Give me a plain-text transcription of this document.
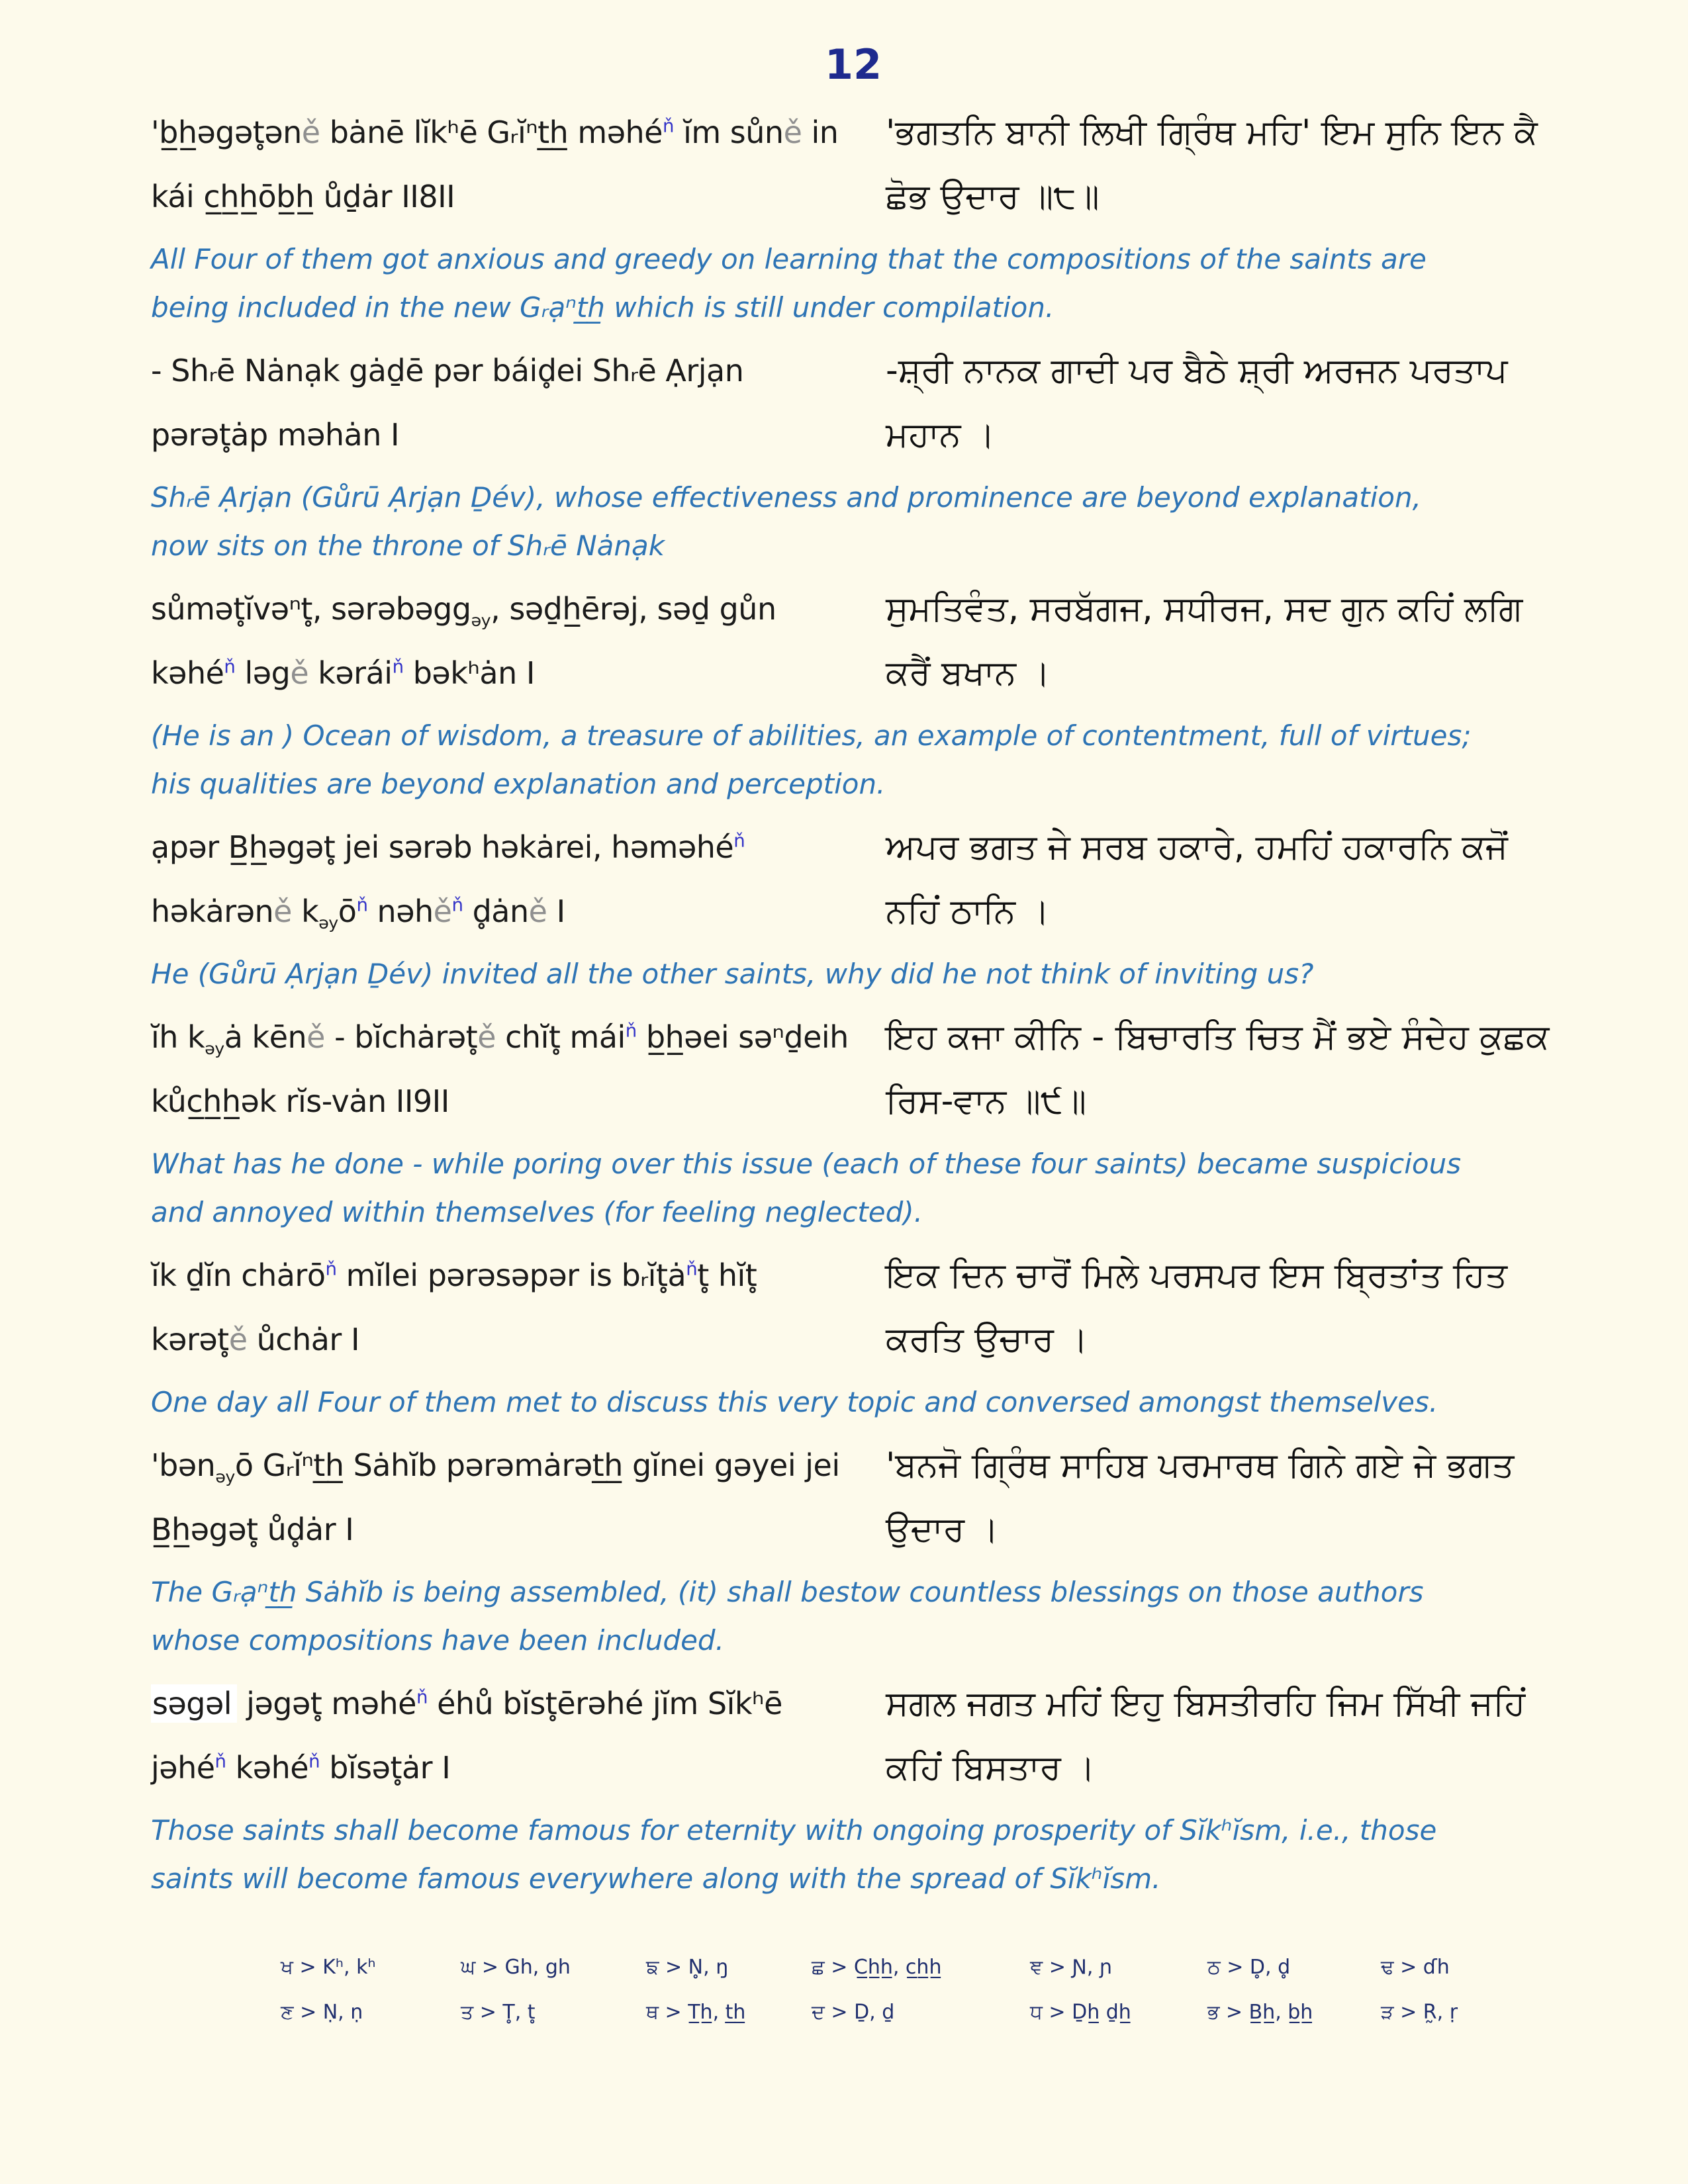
12

'b̲h̲əgət̥əně bȧnē lĭkʰē Gᵣĭⁿt̲h̲ məhé$^ň$ ĭm sůně in kái c̲h̲h̲ōb̲h̲ ůḏȧr II8II

'ਭਗਤਨਿ ਬਾਨੀ ਲਿਖੀ ਗ੍ਰਿੰਥ ਮਹਿ' ਇਮ ਸੁਨਿ ਇਨ ਕੈ ਛੋਭ ਉਦਾਰ ॥੮॥

All Four of them got anxious and greedy on learning that the compositions of the saints are being included in the new Gᵣạⁿt̲h̲ which is still under compilation.

- Shᵣē Nȧnạk gȧḏē pər báid̥ei Shᵣē Ạrjạn pərət̥ȧp məhȧn I

-ਸ਼੍ਰੀ ਨਾਨਕ ਗਾਦੀ ਪਰ ਬੈਠੇ ਸ਼੍ਰੀ ਅਰਜਨ ਪਰਤਾਪ ਮਹਾਨ ।

Shᵣē Ạrjạn (Gůrū Ạrjạn Ḏév), whose effectiveness and prominence are beyond explanation, now sits on the throne of Shᵣē Nȧnạk

sůmət̥ĭvəⁿt̥, sərəbəgg$_{əy}$, səḏh̲ērəj, səḏ gůn kəhé$^ň$ ləgě kərái$^ň$ bəkʰȧn I

ਸੁਮਤਿਵੰਤ, ਸਰਬੱਗਜ, ਸਧੀਰਜ, ਸਦ ਗੁਨ ਕਹਿਂ ਲਗਿ ਕਰੈਂ ਬਖਾਨ ।

(He is an ) Ocean of wisdom, a treasure of abilities, an example of contentment, full of virtues; his qualities are beyond explanation and perception.

ạpər B̲h̲əgət̥ jei sərəb həkȧrei, həməhé$^ň$ həkȧrəně $k_{əy}ō^ň$ nəhě$^ň$ d̥ȧně I

ਅਪਰ ਭਗਤ ਜੇ ਸਰਬ ਹਕਾਰੇ, ਹਮਹਿਂ ਹਕਾਰਨਿ ਕਜੋਂ ਨਹਿਂ ਠਾਨਿ ।

He (Gůrū Ạrjạn Ḏév) invited all the other saints, why did he not think of inviting us?

ĭh $k_{əy}ȧ$ kēně - bĭchȧrət̥ě chĭt̥ mái$^ň$ b̲h̲əei səⁿḏeih kůc̲h̲h̲ək rĭs-vȧn II9II

ਇਹ ਕਜਾ ਕੀਨਿ - ਬਿਚਾਰਤਿ ਚਿਤ ਮੈਂ ਭਏ ਸੰਦੇਹ ਕੁਛਕ ਰਿਸ-ਵਾਨ ॥੯॥

What has he done - while poring over this issue (each of these four saints) became suspicious and annoyed within themselves (for feeling neglected).

ĭk ḏĭn chȧrō$^ň$ mĭlei pərəsəpər is $bᵣĭt̥ȧ^ňt̥$ hĭt̥ kərət̥ě ůchȧr I

ਇਕ ਦਿਨ ਚਾਰੋਂ ਮਿਲੇ ਪਰਸਪਰ ਇਸ ਬ੍ਰਿਤਾਂਤ ਹਿਤ ਕਰਤਿ ਉਚਾਰ ।

One day all Four of them met to discuss this very topic and conversed amongst themselves.

'bən$_{əy}$ō Gᵣĭⁿt̲h̲ Sȧhĭb pərəmȧrət̲h̲ gĭnei gəyei jei B̲h̲əgət̥ ůd̥ȧr I

'ਬਨਜੋ ਗ੍ਰਿੰਥ ਸਾਹਿਬ ਪਰਮਾਰਥ ਗਿਨੇ ਗਏ ਜੇ ਭਗਤ ਉਦਾਰ ।

The Gᵣạⁿt̲h̲ Sȧhĭb is being assembled, (it) shall bestow countless blessings on those authors whose compositions have been included.

səgəl jəgət̥ məhé$^ň$ éhů bĭst̥ērəhé jĭm Sĭkʰē jəhé$^ň$ kəhé$^ň$ bĭsət̥ȧr I

ਸਗਲ ਜਗਤ ਮਹਿਂ ਇਹੁ ਬਿਸਤੀਰਹਿ ਜਿਮ ਸਿੱਖੀ ਜਹਿਂ ਕਹਿਂ ਬਿਸਤਾਰ ।

Those saints shall become famous for eternity with ongoing prosperity of Sĭkʰĭsm, i.e., those saints will become famous everywhere along with the spread of Sĭkʰĭsm.

ਖ > Kʰ, kʰ	ਘ > Gh, gh	ਙ > N̥, ŋ	ਛ > C̲h̲h̲, c̲h̲h̲	ਞ > Ɲ, ɲ	ਠ > D̥, d̥	ਢ > ɗh
ਣ > Ṇ, ṇ	ਤ > T̥, t̥	ਥ > T̲h̲, t̲h̲	ਦ > Ḏ, ḏ	ਧ > Ḏh̲ ḏh̲	ਭ > B̲h̲, b̲h̲	ੜ > R̰, ṛ
